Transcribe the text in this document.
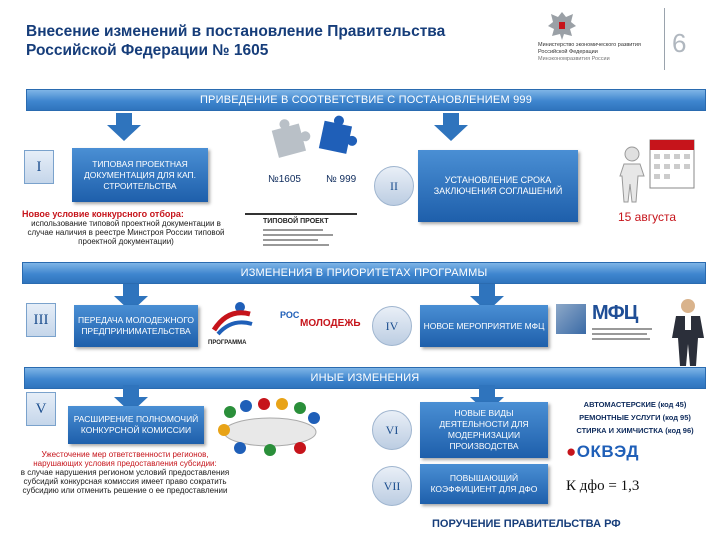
Внесение изменений в постановление Правительства Российской Федерации № 1605	Министерство экономического развития
Российской Федерации
Минэкономразвития России
6
ПРИВЕДЕНИЕ В СООТВЕТСТВИЕ С ПОСТАНОВЛЕНИЕМ 999
I	ТИПОВАЯ ПРОЕКТНАЯ ДОКУМЕНТАЦИЯ ДЛЯ КАП. СТРОИТЕЛЬСТВА
№1605	№ 999	II	УСТАНОВЛЕНИЕ СРОКА ЗАКЛЮЧЕНИЯ СОГЛАШЕНИЙ
15 августа
Новое условие конкурсного отбора:
использование типовой проектной документации в случае наличия в реестре Минстроя России типовой проектной документации)
ТИПОВОЙ ПРОЕКТ
ИЗМЕНЕНИЯ В ПРИОРИТЕТАХ ПРОГРАММЫ
III	ПЕРЕДАЧА МОЛОДЕЖНОГО ПРЕДПРИНИМАТЕЛЬСТВА
ПРОГРАММА
РОС
МОЛОДЕЖЬ	IV	НОВОЕ МЕРОПРИЯТИЕ МФЦ
МФЦ
ИНЫЕ ИЗМЕНЕНИЯ
V
РАСШИРЕНИЕ ПОЛНОМОЧИЙ КОНКУРСНОЙ КОМИССИИ
Ужесточение мер ответственности регионов, нарушающих условия предоставления субсидии:
в случае нарушения регионом условий предоставления субсидий конкурсная комиссия имеет право сократить субсидию или отменить решение о ее предоставлении
VI
НОВЫЕ ВИДЫ ДЕЯТЕЛЬНОСТИ ДЛЯ МОДЕРНИЗАЦИИ ПРОИЗВОДСТВА
АВТОМАСТЕРСКИЕ (код 45)
РЕМОНТНЫЕ УСЛУГИ (код 95)
СТИРКА И ХИМЧИСТКА (код 96)
●ОКВЭД
VII
ПОВЫШАЮЩИЙ КОЭФФИЦИЕНТ ДЛЯ ДФО	К дфо = 1,3
ПОРУЧЕНИЕ ПРАВИТЕЛЬСТВА РФ
